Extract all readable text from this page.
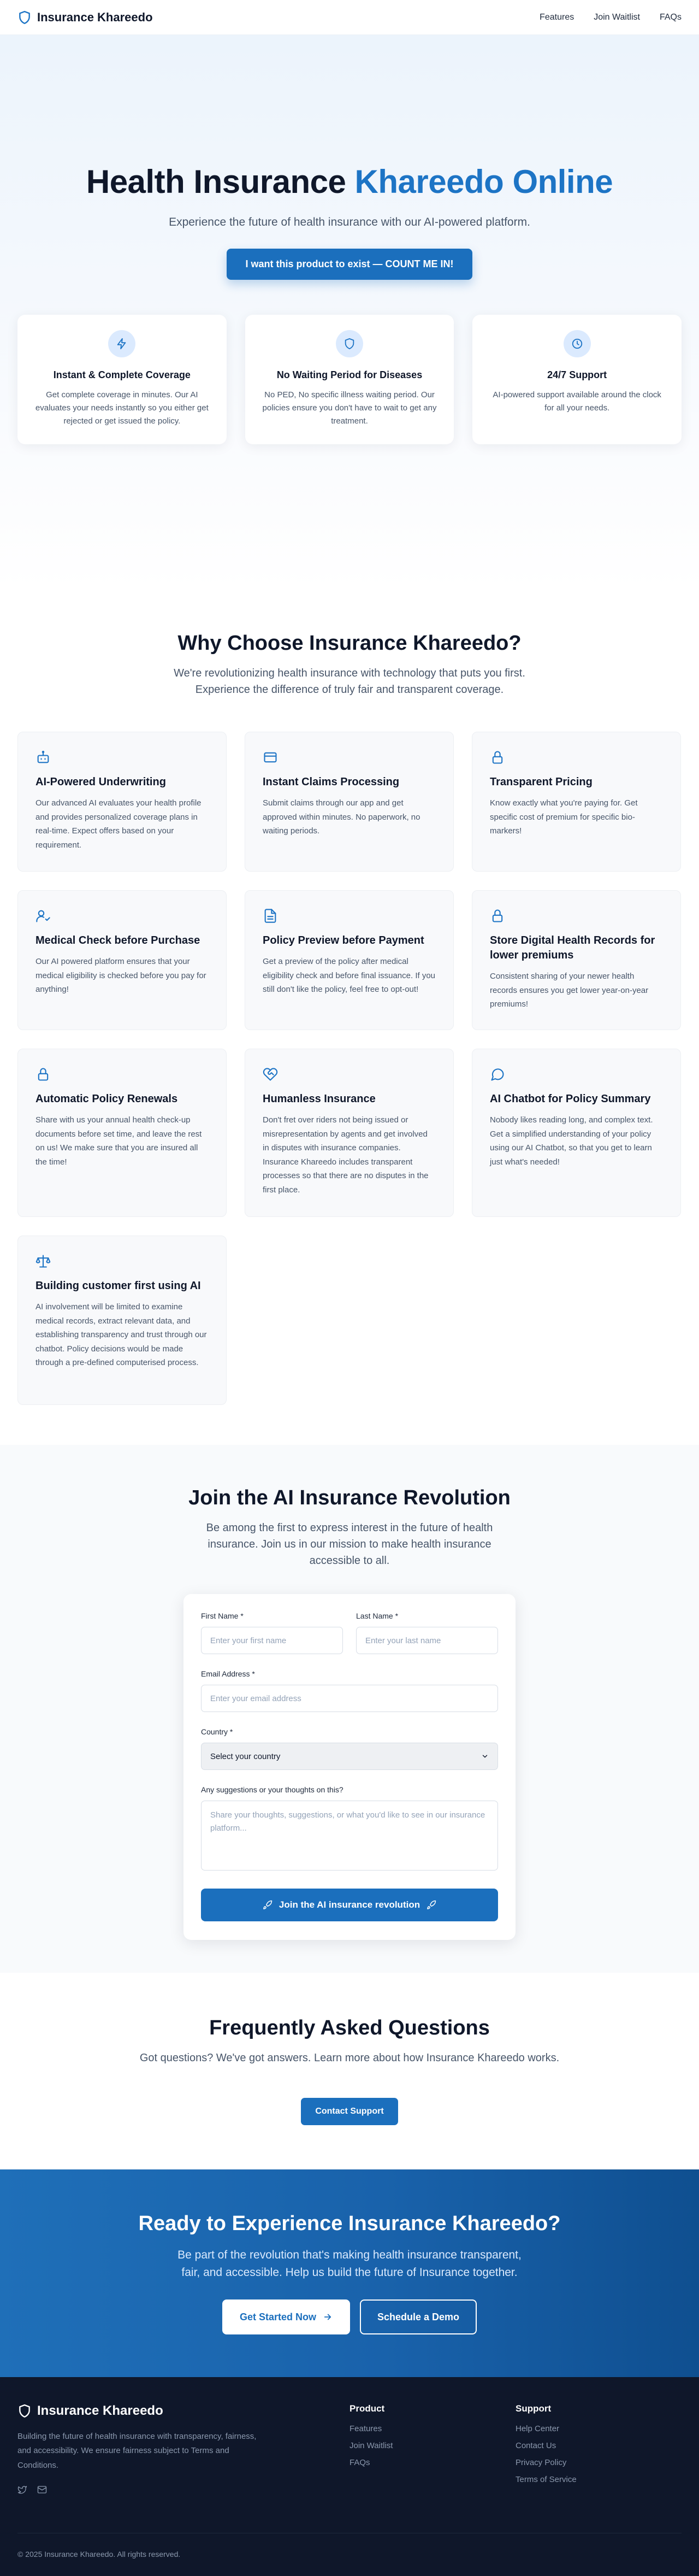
Insurance Khareedo	Features Join Waitlist FAQs
Health Insurance Khareedo Online

Experience the future of health insurance with our AI-powered platform.

I want this product to exist — COUNT ME IN!
Instant & Complete Coverage
Get complete coverage in minutes. Our AI evaluates your needs instantly so you either get rejected or get issued the policy.
No Waiting Period for Diseases
No PED, No specific illness waiting period. Our policies ensure you don't have to wait to get any treatment.
24/7 Support
AI-powered support available around the clock for all your needs.
Why Choose Insurance Khareedo?

We're revolutionizing health insurance with technology that puts you first. Experience the difference of truly fair and transparent coverage.

AI-Powered Underwriting
Our advanced AI evaluates your health profile and provides personalized coverage plans in real-time. Expect offers based on your requirement.
Instant Claims Processing
Submit claims through our app and get approved within minutes. No paperwork, no waiting periods.
Transparent Pricing
Know exactly what you're paying for. Get specific cost of premium for specific bio-markers!
Medical Check before Purchase
Our AI powered platform ensures that your medical eligibility is checked before you pay for anything!
Policy Preview before Payment
Get a preview of the policy after medical eligibility check and before final issuance. If you still don't like the policy, feel free to opt-out!
Store Digital Health Records for lower premiums
Consistent sharing of your newer health records ensures you get lower year-on-year premiums!
Automatic Policy Renewals
Share with us your annual health check-up documents before set time, and leave the rest on us! We make sure that you are insured all the time!
Humanless Insurance
Don't fret over riders not being issued or misrepresentation by agents and get involved in disputes with insurance companies. Insurance Khareedo includes transparent processes so that there are no disputes in the first place.
AI Chatbot for Policy Summary
Nobody likes reading long, and complex text. Get a simplified understanding of your policy using our AI Chatbot, so that you get to learn just what's needed!
Building customer first using AI
AI involvement will be limited to examine medical records, extract relevant data, and establishing transparency and trust through our chatbot. Policy decisions would be made through a pre-defined computerised process.
Join the AI Insurance Revolution

Be among the first to express interest in the future of health insurance. Join us in our mission to make health insurance accessible to all.

First Name *
Enter your first name	Last Name *
Enter your last name
Email Address *
Enter your email address
Country *
Select your country
Any suggestions or your thoughts on this?
Share your thoughts, suggestions, or what you'd like to see in our insurance platform...
Join the AI insurance revolution
Frequently Asked Questions

Got questions? We've got answers. Learn more about how Insurance Khareedo works.

Contact Support
Ready to Experience Insurance Khareedo?

Be part of the revolution that's making health insurance transparent, fair, and accessible. Help us build the future of Insurance together.

Get Started Now	Schedule a Demo
Insurance Khareedo

Building the future of health insurance with transparency, fairness, and accessibility. We ensure fairness subject to Terms and Conditions.

Product
Features
Join Waitlist
FAQs
Support
Help Center
Contact Us
Privacy Policy
Terms of Service

© 2025 Insurance Khareedo. All rights reserved.
